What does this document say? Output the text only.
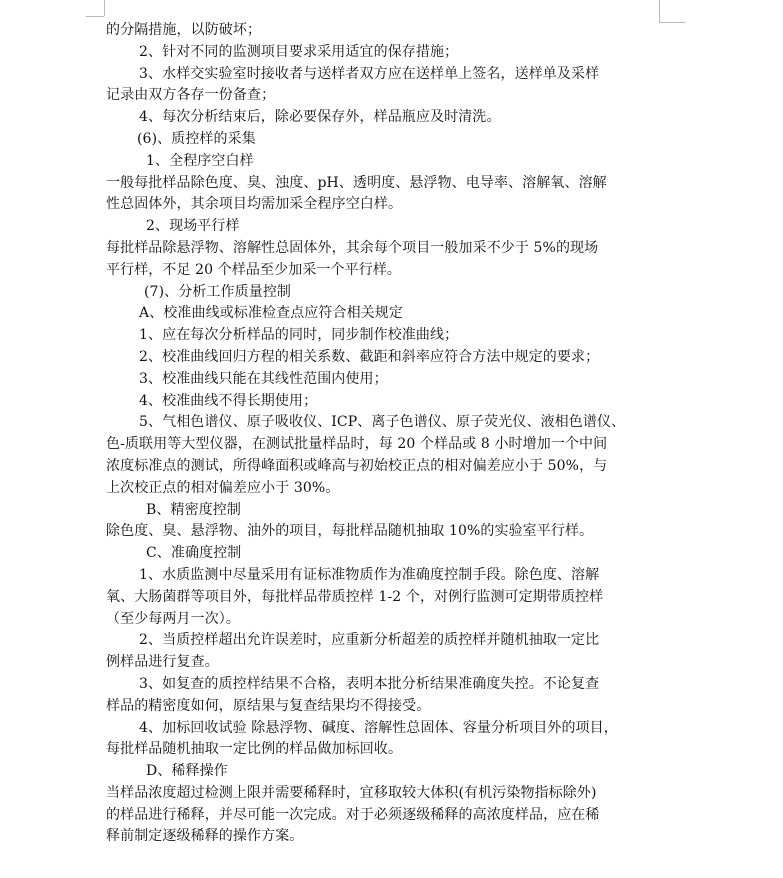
的分隔措施，以防破坏；
2、针对不同的监测项目要求采用适宜的保存措施；
3、水样交实验室时接收者与送样者双方应在送样单上签名，送样单及采样
记录由双方各存一份备查；
4、每次分析结束后，除必要保存外，样品瓶应及时清洗。
(6)、质控样的采集
1、全程序空白样
一般每批样品除色度、臭、浊度、pH、透明度、悬浮物、电导率、溶解氧、溶解
性总固体外，其余项目均需加采全程序空白样。
2、现场平行样
每批样品除悬浮物、溶解性总固体外，其余每个项目一般加采不少于 5%的现场
平行样，不足 20 个样品至少加采一个平行样。
(7)、分析工作质量控制
A、校准曲线或标准检查点应符合相关规定
1、应在每次分析样品的同时，同步制作校准曲线；
2、校准曲线回归方程的相关系数、截距和斜率应符合方法中规定的要求；
3、校准曲线只能在其线性范围内使用；
4、校准曲线不得长期使用；
5、气相色谱仪、原子吸收仪、ICP、离子色谱仪、原子荧光仪、液相色谱仪、
色-质联用等大型仪器，在测试批量样品时，每 20 个样品或 8 小时增加一个中间
浓度标准点的测试，所得峰面积或峰高与初始校正点的相对偏差应小于 50%，与
上次校正点的相对偏差应小于 30%。
B、精密度控制
除色度、臭、悬浮物、油外的项目，每批样品随机抽取 10%的实验室平行样。
C、准确度控制
1、水质监测中尽量采用有证标准物质作为准确度控制手段。除色度、溶解
氧、大肠菌群等项目外，每批样品带质控样 1-2 个，对例行监测可定期带质控样
（至少每两月一次）。
2、当质控样超出允许误差时，应重新分析超差的质控样并随机抽取一定比
例样品进行复查。
3、如复查的质控样结果不合格，表明本批分析结果准确度失控。不论复查
样品的精密度如何，原结果与复查结果均不得接受。
4、加标回收试验 除悬浮物、碱度、溶解性总固体、容量分析项目外的项目，
每批样品随机抽取一定比例的样品做加标回收。
D、稀释操作
当样品浓度超过检测上限并需要稀释时，宜移取较大体积(有机污染物指标除外)
的样品进行稀释，并尽可能一次完成。对于必须逐级稀释的高浓度样品，应在稀
释前制定逐级稀释的操作方案。
